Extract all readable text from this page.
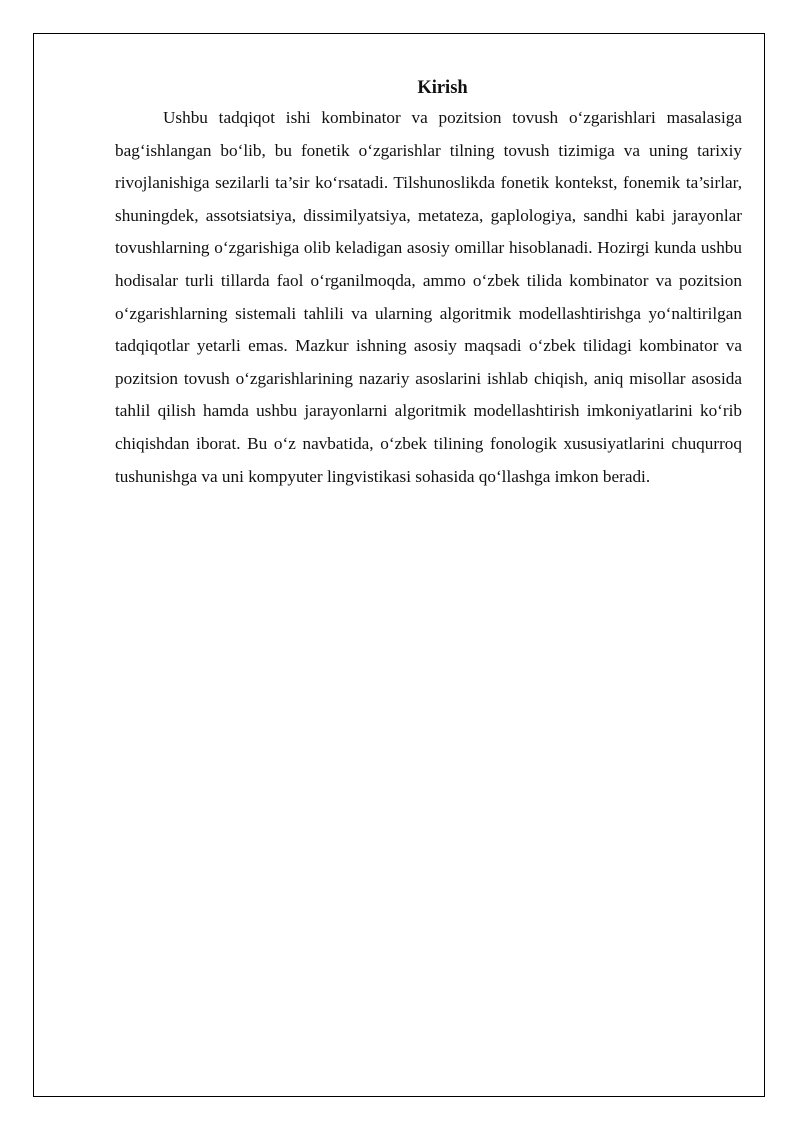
Kirish

Ushbu tadqiqot ishi kombinator va pozitsion tovush o‘zgarishlari masalasiga bag‘ishlangan bo‘lib, bu fonetik o‘zgarishlar tilning tovush tizimiga va uning tarixiy rivojlanishiga sezilarli ta’sir ko‘rsatadi. Tilshunoslikda fonetik kontekst, fonemik ta’sirlar, shuningdek, assotsiatsiya, dissimilyatsiya, metateza, gaplologiya, sandhi kabi jarayonlar tovushlarning o‘zgarishiga olib keladigan asosiy omillar hisoblanadi. Hozirgi kunda ushbu hodisalar turli tillarda faol o‘rganilmoqda, ammo o‘zbek tilida kombinator va pozitsion o‘zgarishlarning sistemali tahlili va ularning algoritmik modellashtirishga yo‘naltirilgan tadqiqotlar yetarli emas. Mazkur ishning asosiy maqsadi o‘zbek tilidagi kombinator va pozitsion tovush o‘zgarishlarining nazariy asoslarini ishlab chiqish, aniq misollar asosida tahlil qilish hamda ushbu jarayonlarni algoritmik modellashtirish imkoniyatlarini ko‘rib chiqishdan iborat. Bu o‘z navbatida, o‘zbek tilining fonologik xususiyatlarini chuqurroq tushunishga va uni kompyuter lingvistikasi sohasida qo‘llashga imkon beradi.
